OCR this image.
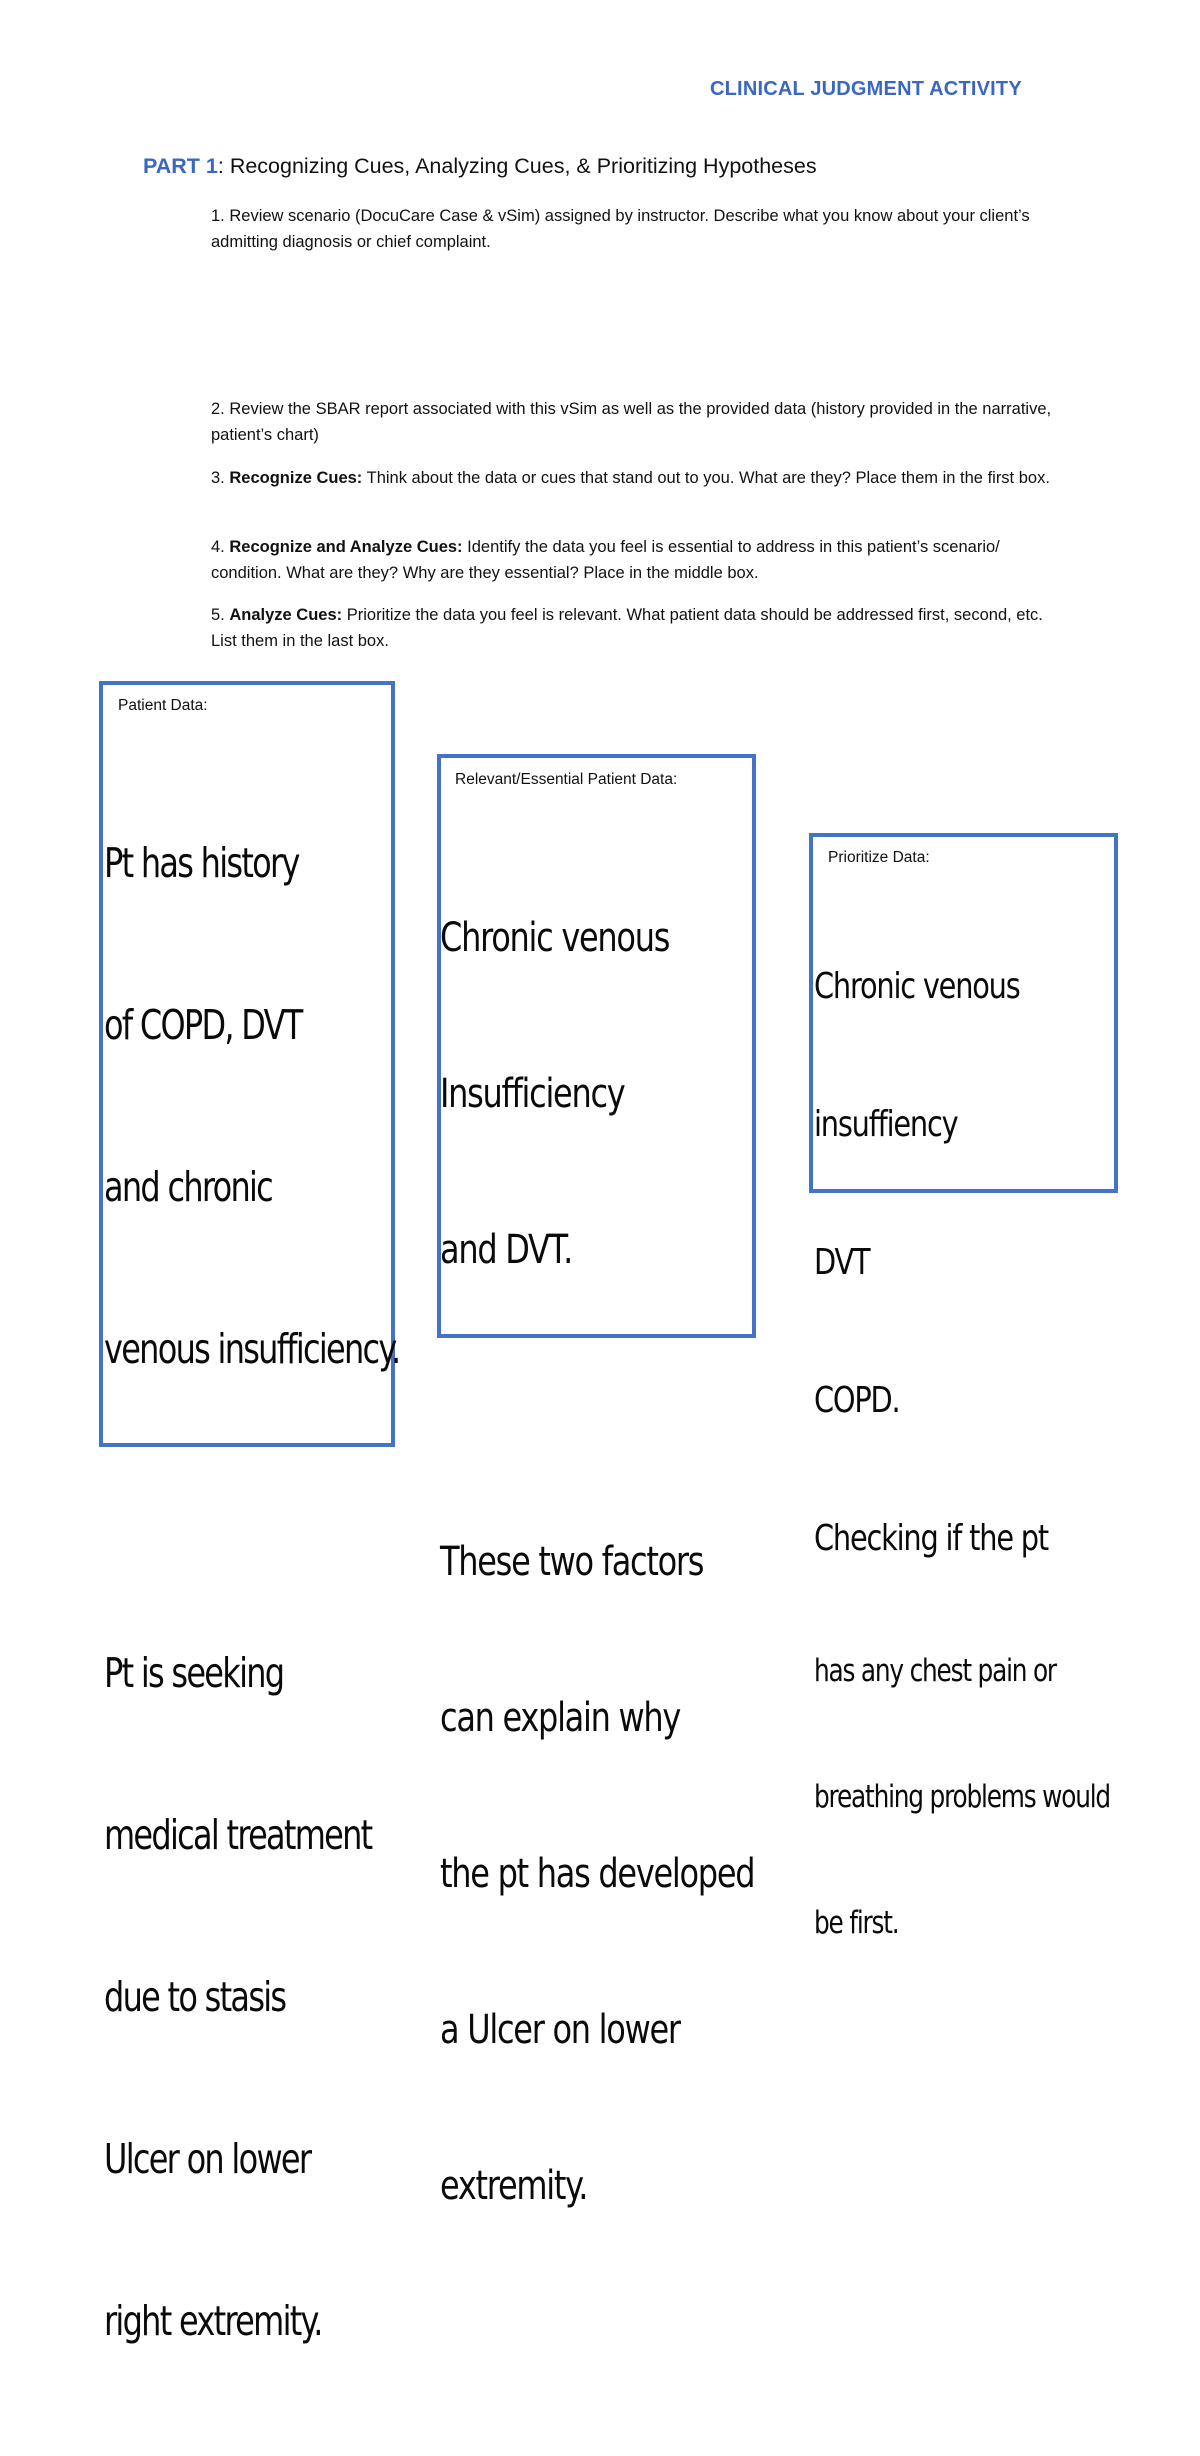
CLINICAL JUDGMENT ACTIVITY
PART 1: Recognizing Cues, Analyzing Cues, & Prioritizing Hypotheses
1. Review scenario (DocuCare Case & vSim) assigned by instructor. Describe what you know about your client’s admitting diagnosis or chief complaint.
2. Review the SBAR report associated with this vSim as well as the provided data (history provided in the narrative, patient’s chart)
3. Recognize Cues: Think about the data or cues that stand out to you. What are they? Place them in the first box.
4. Recognize and Analyze Cues: Identify the data you feel is essential to address in this patient’s scenario/ condition. What are they? Why are they essential? Place in the middle box.
5. Analyze Cues: Prioritize the data you feel is relevant. What patient data should be addressed first, second, etc. List them in the last box.
Patient Data:

Pt has history

of COPD, DVT

and chronic

venous insufficiency.

Pt is seeking

medical treatment

due to stasis

Ulcer on lower

right extremity.

Relevant/Essential Patient Data:

Chronic venous

Insufficiency

and DVT.

These two factors

can explain why

the pt has developed

a Ulcer on lower

extremity.

Prioritize Data:

Chronic venous

insuffiency

DVT

COPD.

Checking if the pt

has any chest pain or

breathing problems would

be first.
